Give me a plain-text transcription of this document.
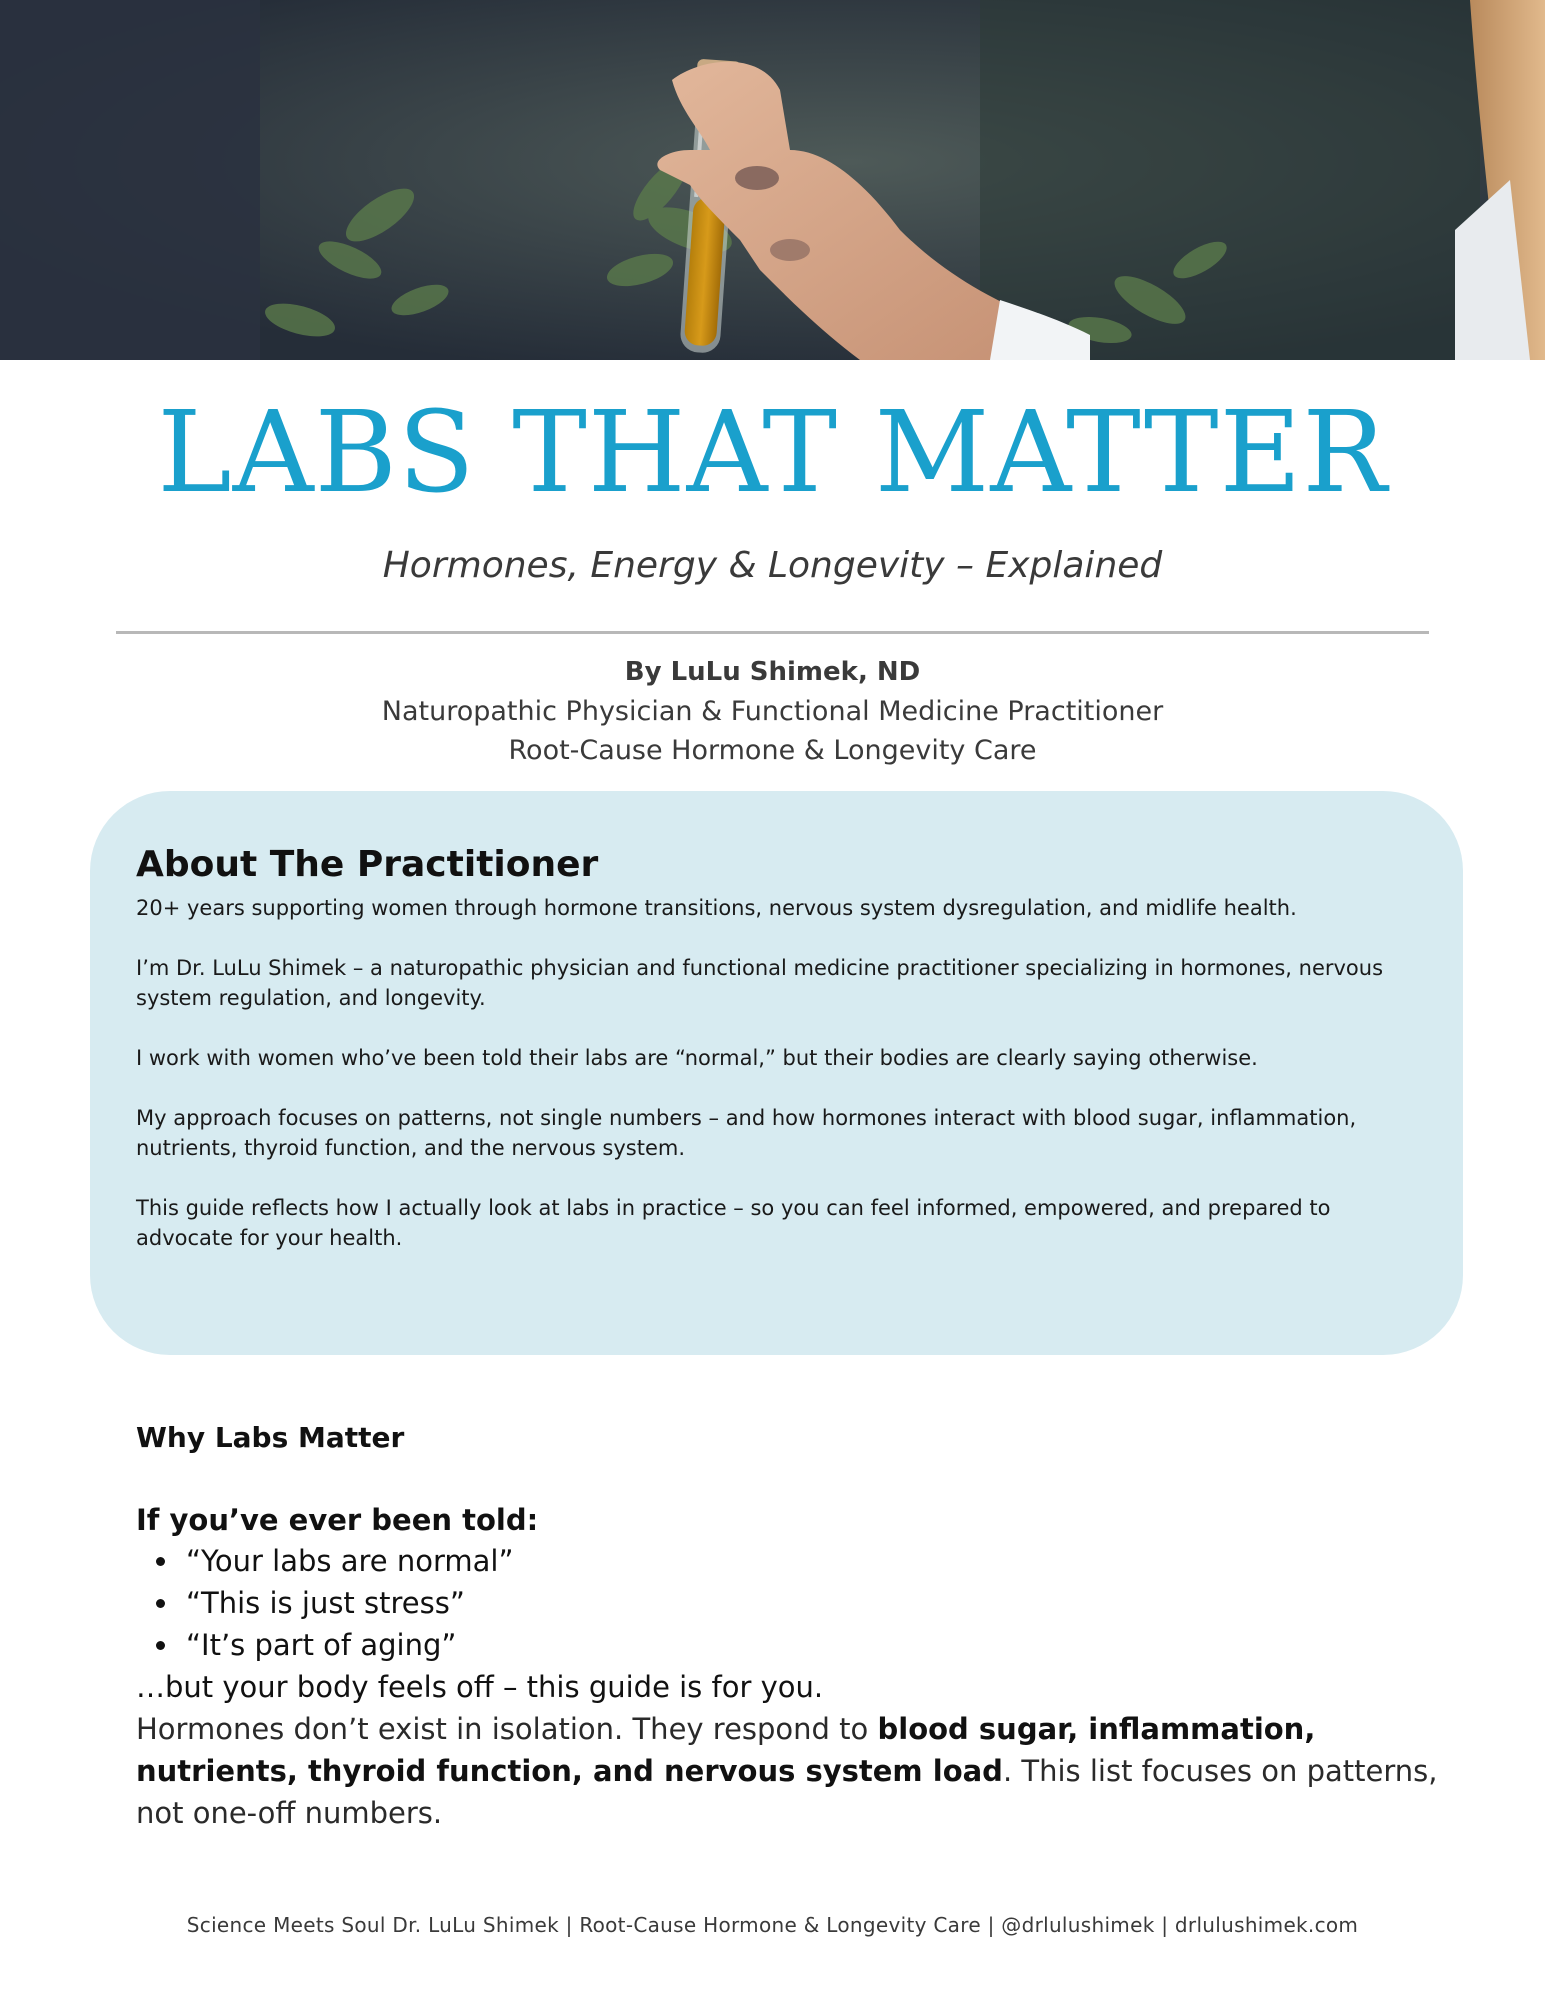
LABS THAT MATTER
Hormones, Energy & Longevity – Explained
By LuLu Shimek, ND
Naturopathic Physician & Functional Medicine Practitioner
Root-Cause Hormone & Longevity Care
About The Practitioner

20+ years supporting women through hormone transitions, nervous system dysregulation, and midlife health.

I’m Dr. LuLu Shimek – a naturopathic physician and functional medicine practitioner specializing in hormones, nervous system regulation, and longevity.

I work with women who’ve been told their labs are “normal,” but their bodies are clearly saying otherwise.

My approach focuses on patterns, not single numbers – and how hormones interact with blood sugar, inflammation, nutrients, thyroid function, and the nervous system.

This guide reflects how I actually look at labs in practice – so you can feel informed, empowered, and prepared to advocate for your health.

Why Labs Matter
If you’ve ever been told:
“Your labs are normal”
“This is just stress”
“It’s part of aging”

…but your body feels off – this guide is for you.

Hormones don’t exist in isolation. They respond to blood sugar, inflammation, nutrients, thyroid function, and nervous system load. This list focuses on patterns, not one-off numbers.

Science Meets Soul Dr. LuLu Shimek | Root-Cause Hormone & Longevity Care | @drlulushimek | drlulushimek.com
